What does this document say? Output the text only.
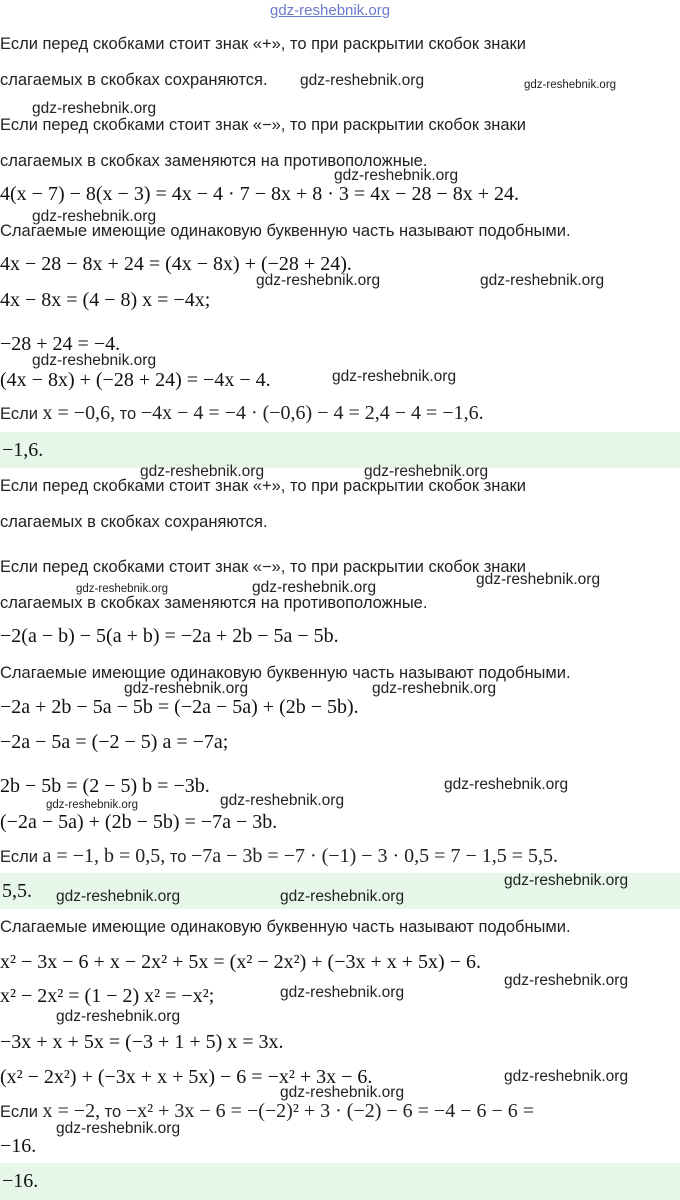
gdz-reshebnik.org
Если перед скобками стоит знак «+», то при раскрытии скобок знаки
слагаемых в скобках сохраняются.
Если перед скобками стоит знак «−», то при раскрытии скобок знаки
слагаемых в скобках заменяются на противоположные.
4(x − 7) − 8(x − 3) = 4x − 4 · 7 − 8x + 8 · 3 = 4x − 28 − 8x + 24.
Слагаемые имеющие одинаковую буквенную часть называют подобными.
4x − 28 − 8x + 24 = (4x − 8x) + (−28 + 24).
4x − 8x = (4 − 8) x = −4x;
−28 + 24 = −4.
(4x − 8x) + (−28 + 24) = −4x − 4.
Если x = −0,6, то −4x − 4 = −4 · (−0,6) − 4 = 2,4 − 4 = −1,6.
−1,6.
Если перед скобками стоит знак «+», то при раскрытии скобок знаки
слагаемых в скобках сохраняются.
Если перед скобками стоит знак «−», то при раскрытии скобок знаки
слагаемых в скобках заменяются на противоположные.
−2(a − b) − 5(a + b) = −2a + 2b − 5a − 5b.
Слагаемые имеющие одинаковую буквенную часть называют подобными.
−2a + 2b − 5a − 5b = (−2a − 5a) + (2b − 5b).
−2a − 5a = (−2 − 5) a = −7a;
2b − 5b = (2 − 5) b = −3b.
(−2a − 5a) + (2b − 5b) = −7a − 3b.
Если a = −1, b = 0,5, то −7a − 3b = −7 · (−1) − 3 · 0,5 = 7 − 1,5 = 5,5.
5,5.
Слагаемые имеющие одинаковую буквенную часть называют подобными.
x² − 3x − 6 + x − 2x² + 5x = (x² − 2x²) + (−3x + x + 5x) − 6.
x² − 2x² = (1 − 2) x² = −x²;
−3x + x + 5x = (−3 + 1 + 5) x = 3x.
(x² − 2x²) + (−3x + x + 5x) − 6 = −x² + 3x − 6.
Если x = −2, то −x² + 3x − 6 = −(−2)² + 3 · (−2) − 6 = −4 − 6 − 6 =
−16.
−16.
gdz-reshebnik.org	gdz-reshebnik.org
gdz-reshebnik.org
gdz-reshebnik.org
gdz-reshebnik.org
gdz-reshebnik.org	gdz-reshebnik.org
gdz-reshebnik.org
gdz-reshebnik.org
gdz-reshebnik.org	gdz-reshebnik.org
gdz-reshebnik.org	gdz-reshebnik.org	gdz-reshebnik.org
gdz-reshebnik.org	gdz-reshebnik.org
gdz-reshebnik.org
gdz-reshebnik.org	gdz-reshebnik.org
gdz-reshebnik.org
gdz-reshebnik.org	gdz-reshebnik.org
gdz-reshebnik.org
gdz-reshebnik.org
gdz-reshebnik.org
gdz-reshebnik.org
gdz-reshebnik.org
gdz-reshebnik.org
